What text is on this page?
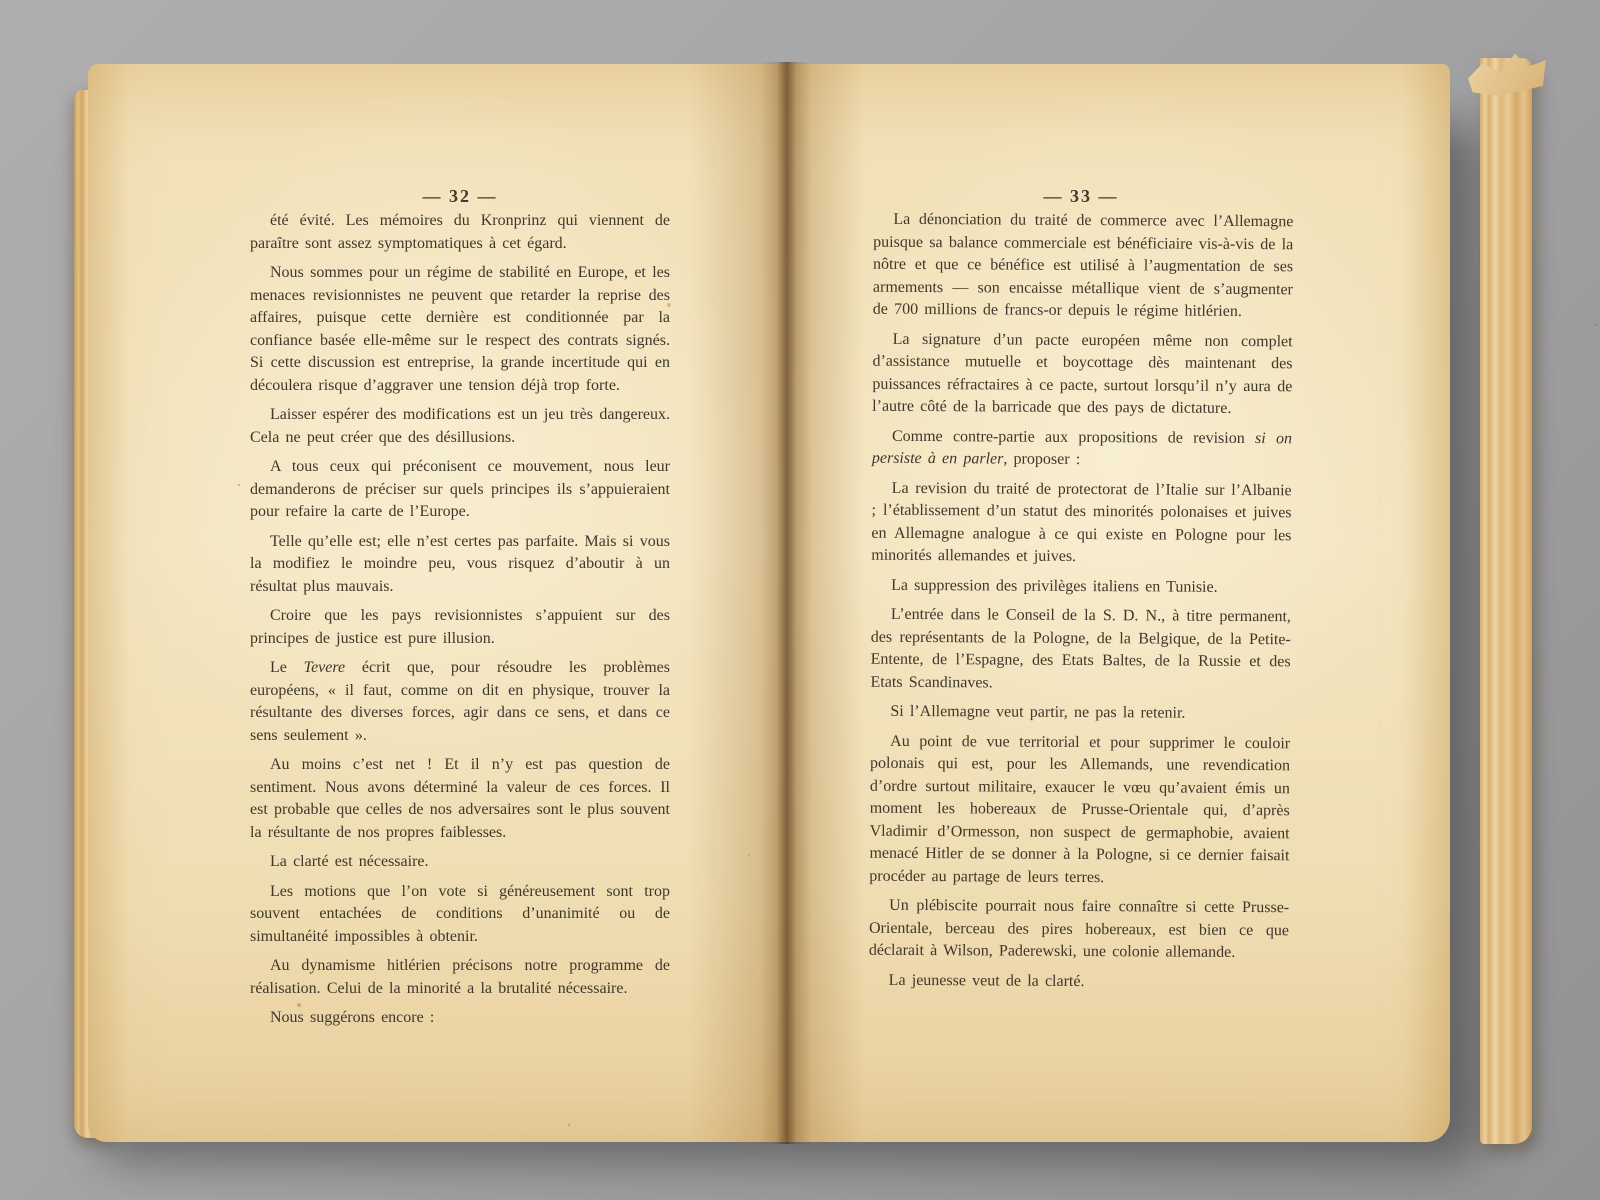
— 32 —

été évité. Les mémoires du Kronprinz qui viennent de paraître sont assez symptomatiques à cet égard.

Nous sommes pour un régime de stabilité en Europe, et les menaces revisionnistes ne peuvent que retarder la reprise des affaires, puisque cette dernière est conditionnée par la confiance basée elle-même sur le respect des contrats signés. Si cette discussion est entreprise, la grande incertitude qui en découlera risque d’aggraver une tension déjà trop forte.

Laisser espérer des modifications est un jeu très dangereux. Cela ne peut créer que des désillusions.

A tous ceux qui préconisent ce mouvement, nous leur demanderons de préciser sur quels principes ils s’appuieraient pour refaire la carte de l’Europe.

Telle qu’elle est; elle n’est certes pas parfaite. Mais si vous la modifiez le moindre peu, vous risquez d’aboutir à un résultat plus mauvais.

Croire que les pays revisionnistes s’appuient sur des principes de justice est pure illusion.

Le Tevere écrit que, pour résoudre les problèmes européens, « il faut, comme on dit en physique, trouver la résultante des diverses forces, agir dans ce sens, et dans ce sens seulement ».

Au moins c’est net ! Et il n’y est pas question de sentiment. Nous avons déterminé la valeur de ces forces. Il est probable que celles de nos adversaires sont le plus souvent la résultante de nos propres faiblesses.

La clarté est nécessaire.

Les motions que l’on vote si généreusement sont trop souvent entachées de conditions d’unanimité ou de simultanéité impossibles à obtenir.

Au dynamisme hitlérien précisons notre programme de réalisation. Celui de la minorité a la brutalité nécessaire.

Nous suggérons encore :

— 33 —

La dénonciation du traité de commerce avec l’Allemagne puisque sa balance commerciale est bénéficiaire vis-à-vis de la nôtre et que ce bénéfice est utilisé à l’augmentation de ses armements — son encaisse métallique vient de s’augmenter de 700 millions de francs-or depuis le régime hitlérien.

La signature d’un pacte européen même non complet d’assistance mutuelle et boycottage dès maintenant des puissances réfractaires à ce pacte, surtout lorsqu’il n’y aura de l’autre côté de la barricade que des pays de dictature.

Comme contre-partie aux propositions de revision si on persiste à en parler, proposer :

La revision du traité de protectorat de l’Italie sur l’Albanie ; l’établissement d’un statut des minorités polonaises et juives en Allemagne analogue à ce qui existe en Pologne pour les minorités allemandes et juives.

La suppression des privilèges italiens en Tunisie.

L’entrée dans le Conseil de la S. D. N., à titre permanent, des représentants de la Pologne, de la Belgique, de la Petite-Entente, de l’Espagne, des Etats Baltes, de la Russie et des Etats Scandinaves.

Si l’Allemagne veut partir, ne pas la retenir.

Au point de vue territorial et pour supprimer le couloir polonais qui est, pour les Allemands, une revendication d’ordre surtout militaire, exaucer le vœu qu’avaient émis un moment les hobereaux de Prusse-Orientale qui, d’après Vladimir d’Ormesson, non suspect de germaphobie, avaient menacé Hitler de se donner à la Pologne, si ce dernier faisait procéder au partage de leurs terres.

Un plébiscite pourrait nous faire connaître si cette Prusse-Orientale, berceau des pires hobereaux, est bien ce que déclarait à Wilson, Paderewski, une colonie allemande.

La jeunesse veut de la clarté.
